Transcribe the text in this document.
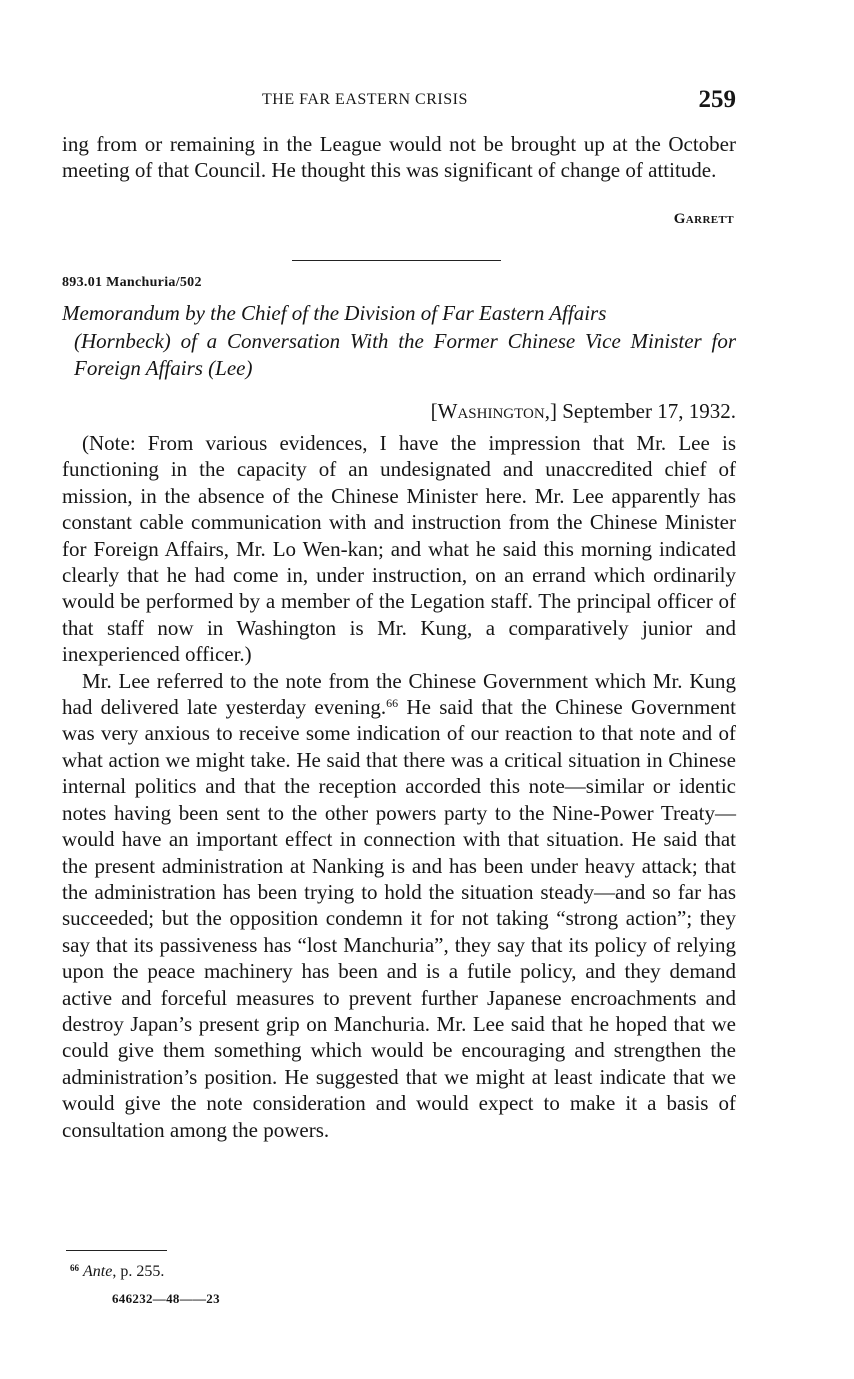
THE FAR EASTERN CRISIS	259

ing from or remaining in the League would not be brought up at the October meeting of that Council. He thought this was significant of change of attitude.

Garrett
893.01 Manchuria/502
Memorandum by the Chief of the Division of Far Eastern Affairs
(Hornbeck) of a Conversation With the Former Chinese Vice Minister for Foreign Affairs (Lee)
[Washington,] September 17, 1932.

(Note: From various evidences, I have the impression that Mr. Lee is functioning in the capacity of an undesignated and unaccredited chief of mission, in the absence of the Chinese Minister here. Mr. Lee apparently has constant cable communication with and instruction from the Chinese Minister for Foreign Affairs, Mr. Lo Wen-kan; and what he said this morning indicated clearly that he had come in, under instruction, on an errand which ordinarily would be performed by a member of the Legation staff. The principal officer of that staff now in Washington is Mr. Kung, a comparatively junior and inexperienced officer.)

Mr. Lee referred to the note from the Chinese Government which Mr. Kung had delivered late yesterday evening.$^{66}$ He said that the Chinese Government was very anxious to receive some indication of our reaction to that note and of what action we might take. He said that there was a critical situation in Chinese internal politics and that the reception accorded this note—similar or identic notes having been sent to the other powers party to the Nine-Power Treaty—would have an important effect in connection with that situation. He said that the present administration at Nanking is and has been under heavy attack; that the administration has been trying to hold the situation steady—and so far has succeeded; but the opposition condemn it for not taking “strong action”; they say that its passiveness has “lost Manchuria”, they say that its policy of relying upon the peace machinery has been and is a futile policy, and they demand active and forceful measures to prevent further Japanese encroachments and destroy Japan’s present grip on Manchuria. Mr. Lee said that he hoped that we could give them something which would be encouraging and strengthen the administration’s position. He suggested that we might at least indicate that we would give the note consideration and would expect to make it a basis of consultation among the powers.

$^{66}$ Ante, p. 255.
646232—48——23
